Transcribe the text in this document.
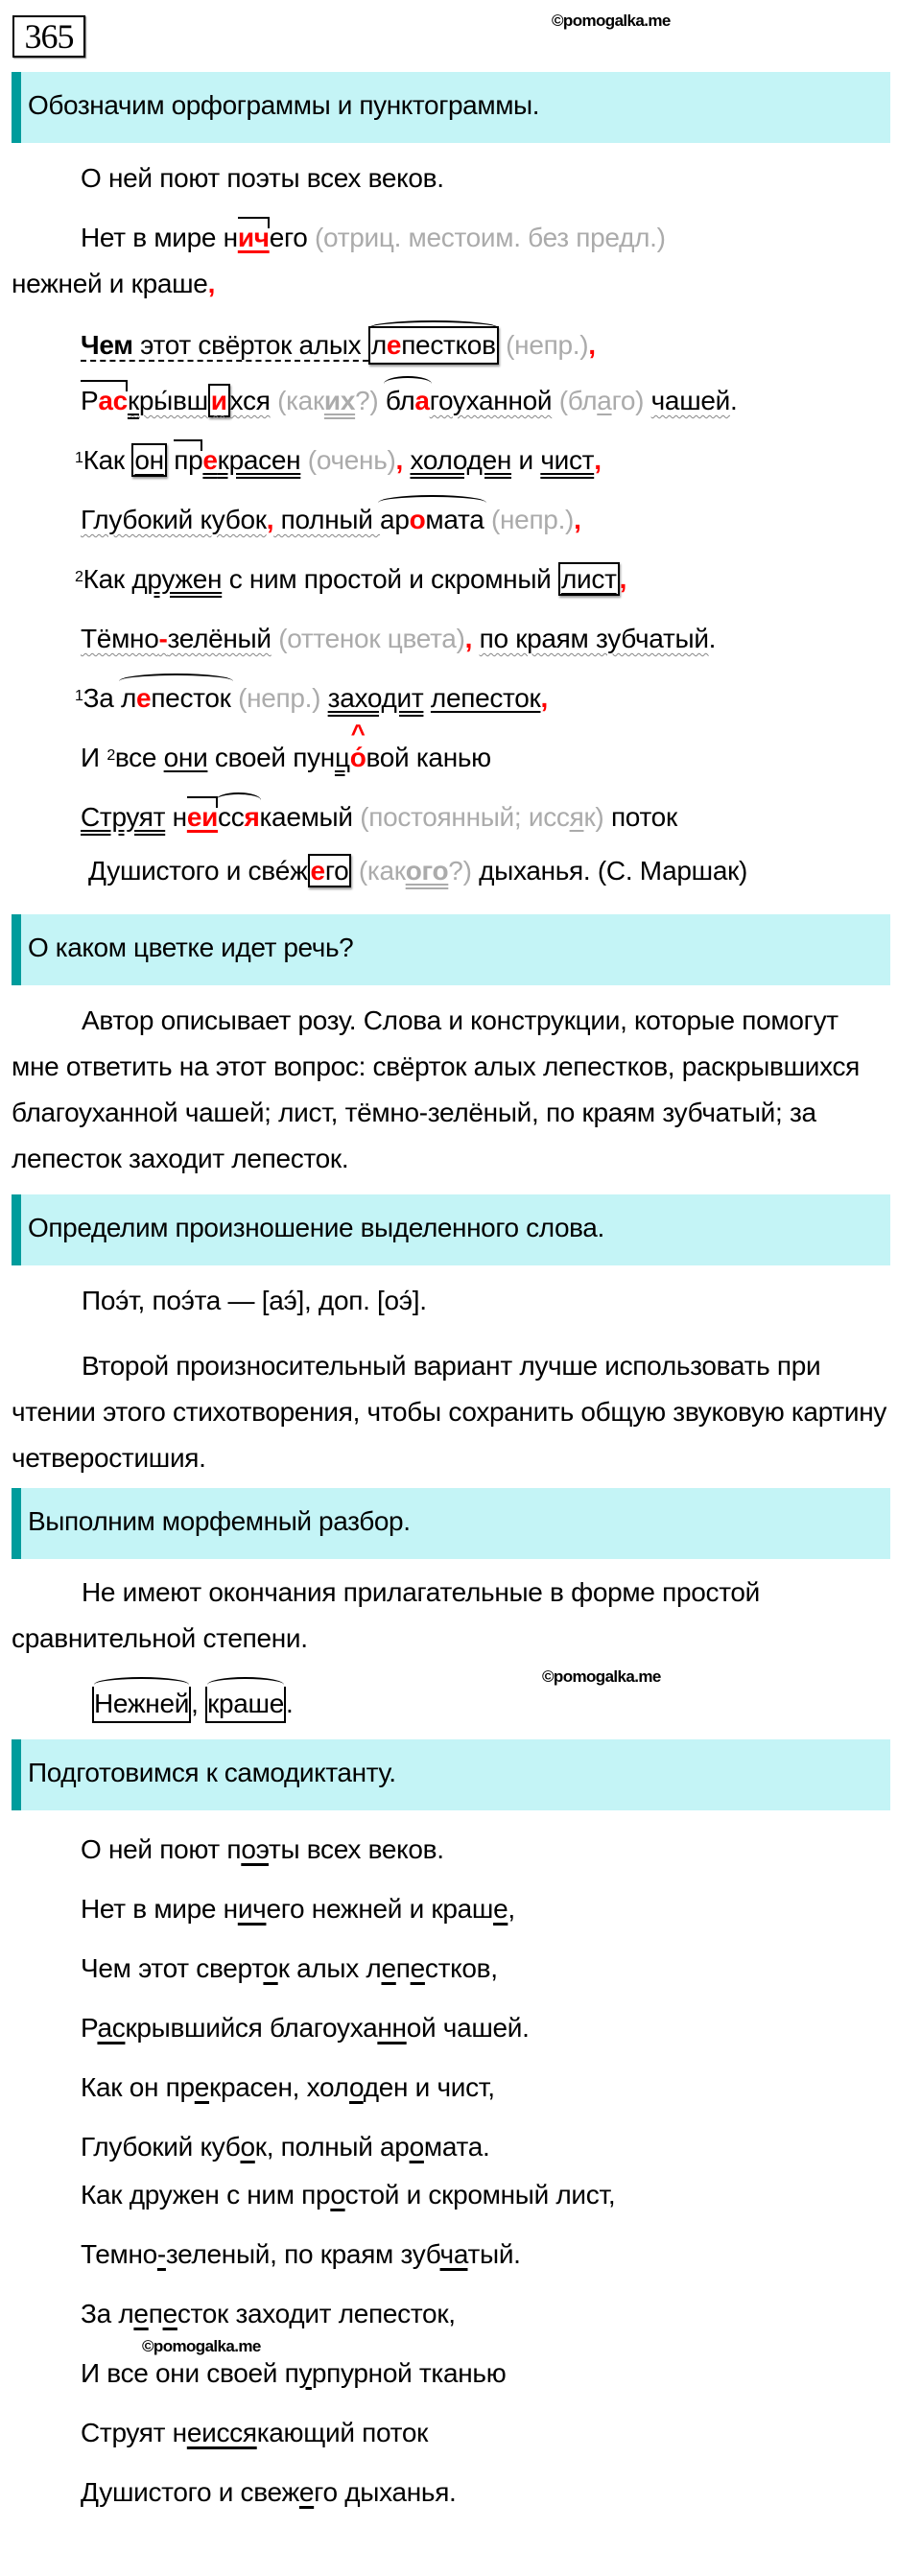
365	©pomogalka.me
Обозначим орфограммы и пунктограммы.
О ней поют поэты всех веков.
Нет в мире ничего (отриц. местоим. без предл.)
нежней и краше,
Чем этот свёрток алых лепестков (непр.),
Раскры́вш и хся (каких?) благоуханной (благо) чашей.
$^1$Как он прекрасен (очень), холоден и чист,
Глубокий кубок, полный аромата (непр.),
$^2$Как дружен с ним простой и скромный лист ,
Тёмно-зелёный (оттенок цвета), по краям зубчатый.
$^1$За лепесток (непр.) заходит лепесток,
И $^2$все они своей пунц^ о́вой канью
Струят неиссякаемый (постоянный; иссяк) поток
Душистого и свéж его (какого?) дыханья. (С. Маршак)
О каком цветке идет речь?
Автор описывает розу. Слова и конструкции, которые помогут мне ответить на этот вопрос: свёрток алых лепестков, раскрывшихся благоуханной чашей; лист, тёмно-зелёный, по краям зубчатый; за лепесток заходит лепесток.
Определим произношение выделенного слова.
Поэ́т, поэ́та — [аэ́], доп. [оэ́].
Второй произносительный вариант лучше использовать при чтении этого стихотворения, чтобы сохранить общую звуковую картину четверостишия.
Выполним морфемный разбор.
Не имеют окончания прилагательные в форме простой сравнительной степени.
Нежней, краше.
©pomogalka.me
Подготовимся к самодиктанту.
О ней поют поэты всех веков.
Нет в мире ничего нежней и краше,
Чем этот сверток алых лепестков,
Раскрывшийся благоуханной чашей.
Как он прекрасен, холоден и чист,
Глубокий кубок, полный аромата.
Как дружен с ним простой и скромный лист,
Темно-зеленый, по краям зубчатый.
За лепесток заходит лепесток,
©pomogalka.me
И все они своей пурпурной тканью
Струят неиссякающий поток
Душистого и свежего дыханья.
